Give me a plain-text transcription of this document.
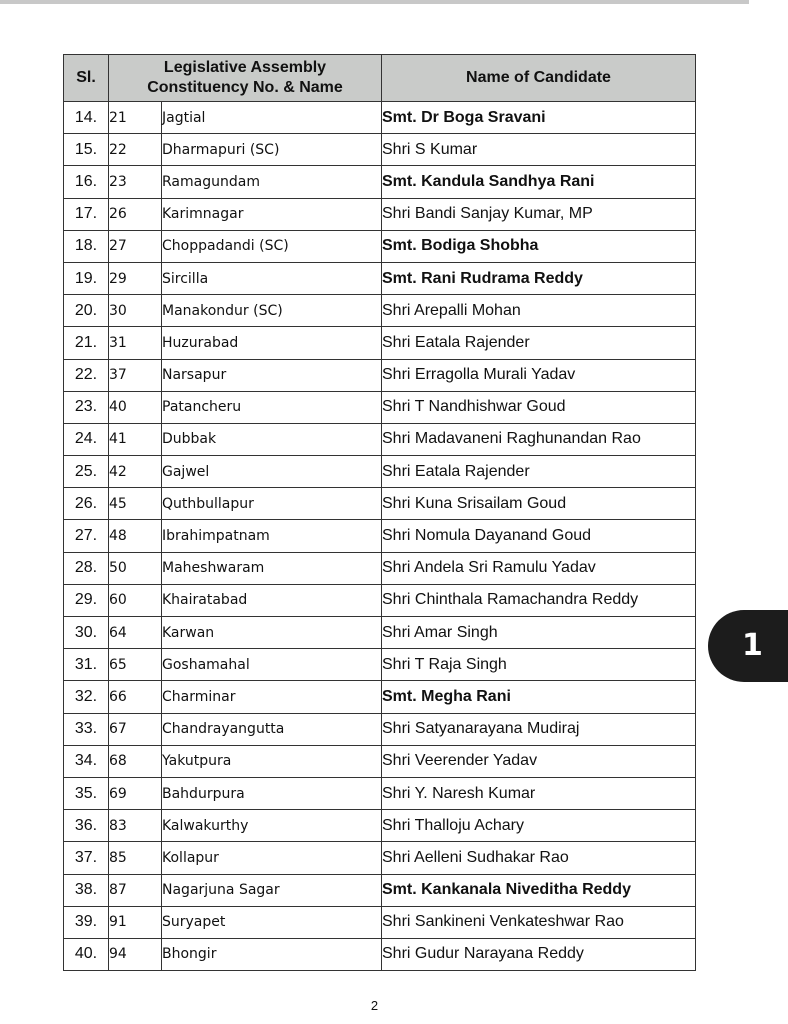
Sl.	Legislative Assembly
Constituency No. & Name		Name of Candidate
14.	21	Jagtial	Smt. Dr Boga Sravani
15.	22	Dharmapuri (SC)	Shri S Kumar
16.	23	Ramagundam	Smt. Kandula Sandhya Rani
17.	26	Karimnagar	Shri Bandi Sanjay Kumar, MP
18.	27	Choppadandi (SC)	Smt. Bodiga Shobha
19.	29	Sircilla	Smt. Rani Rudrama Reddy
20.	30	Manakondur (SC)	Shri Arepalli Mohan
21.	31	Huzurabad	Shri Eatala Rajender
22.	37	Narsapur	Shri Erragolla Murali Yadav
23.	40	Patancheru	Shri T Nandhishwar Goud
24.	41	Dubbak	Shri Madavaneni Raghunandan Rao
25.	42	Gajwel	Shri Eatala Rajender
26.	45	Quthbullapur	Shri Kuna Srisailam Goud
27.	48	Ibrahimpatnam	Shri Nomula Dayanand Goud
28.	50	Maheshwaram	Shri Andela Sri Ramulu Yadav
29.	60	Khairatabad	Shri Chinthala Ramachandra Reddy
30.	64	Karwan	Shri Amar Singh
31.	65	Goshamahal	Shri T Raja Singh
32.	66	Charminar	Smt. Megha Rani
33.	67	Chandrayangutta	Shri Satyanarayana Mudiraj
34.	68	Yakutpura	Shri Veerender Yadav
35.	69	Bahdurpura	Shri Y. Naresh Kumar
36.	83	Kalwakurthy	Shri Thalloju Achary
37.	85	Kollapur	Shri Aelleni Sudhakar Rao
38.	87	Nagarjuna Sagar	Smt. Kankanala Niveditha Reddy
39.	91	Suryapet	Shri Sankineni Venkateshwar Rao
40.	94	Bhongir	Shri Gudur Narayana Reddy
2
1
